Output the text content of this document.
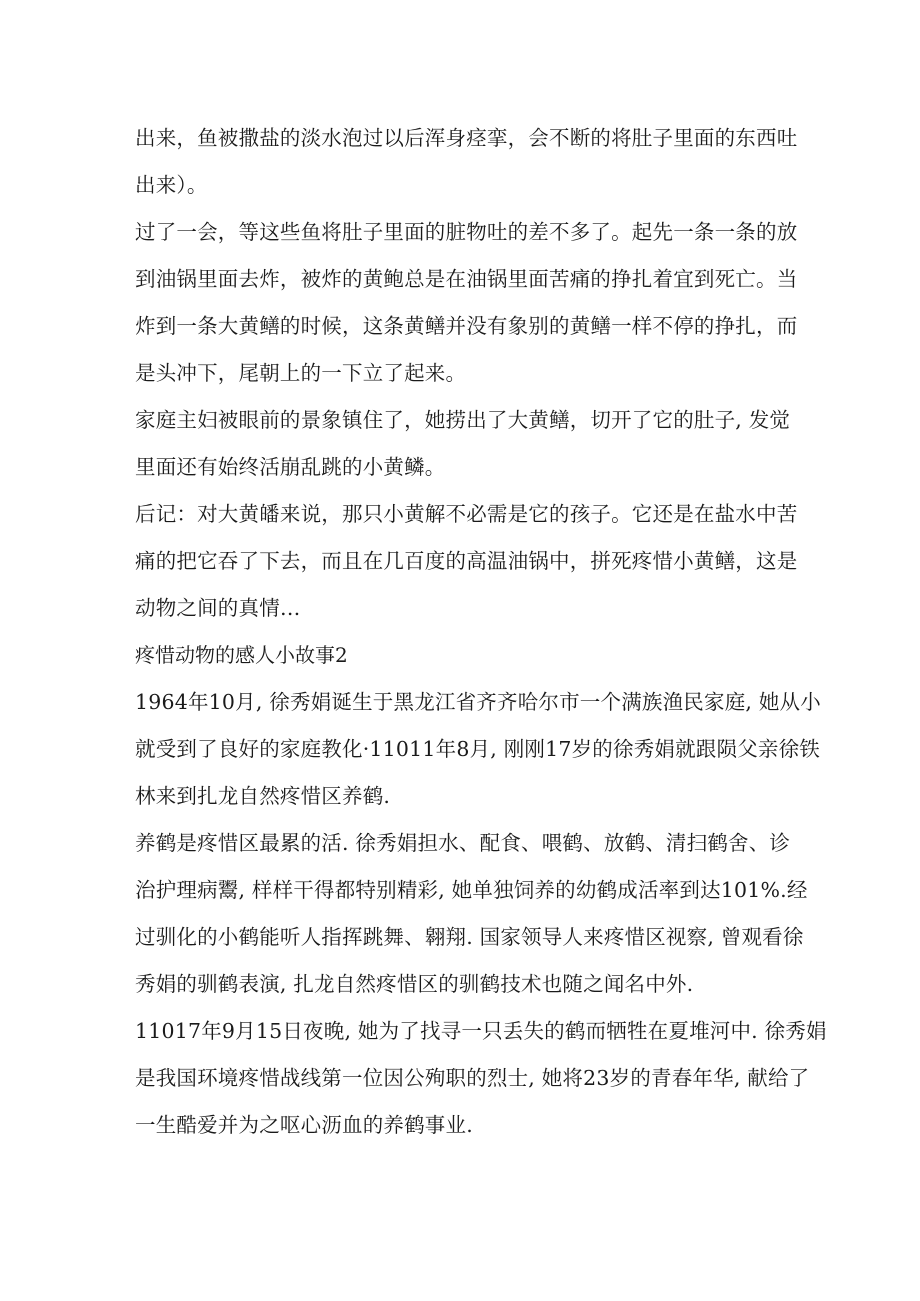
出来，鱼被撒盐的淡水泡过以后浑身痉挛，会不断的将肚子里面的东西吐
出来）。

过了一会，等这些鱼将肚子里面的脏物吐的差不多了。起先一条一条的放
到油锅里面去炸，被炸的黄鲍总是在油锅里面苦痛的挣扎着宜到死亡。当
炸到一条大黄鳝的时候，这条黄鳝并没有象别的黄鳝一样不停的挣扎，而
是头冲下，尾朝上的一下立了起来。

家庭主妇被眼前的景象镇住了，她捞出了大黄鳝，切开了它的肚子, 发觉
里面还有始终活崩乱跳的小黄鳞。

后记：对大黄皤来说，那只小黄解不必需是它的孩子。它还是在盐水中苦
痛的把它吞了下去，而且在几百度的高温油锅中，拼死疼惜小黄鳝，这是
动物之间的真情…

疼惜动物的感人小故事2

1964年10月, 徐秀娟诞生于黑龙江省齐齐哈尔市一个满族渔民家庭, 她从小
就受到了良好的家庭教化·11011年8月, 刚刚17岁的徐秀娟就跟陨父亲徐铁
林来到扎龙自然疼惜区养鹤.

养鹤是疼惜区最累的活. 徐秀娟担水、配食、喂鹤、放鹤、清扫鹤舍、诊
治护理病鬻, 样样干得都特别精彩, 她单独饲养的幼鹤成活率到达101%.经
过驯化的小鹤能听人指挥跳舞、翱翔. 国家领导人来疼惜区视察, 曾观看徐
秀娟的驯鹤表演, 扎龙自然疼惜区的驯鹤技术也随之闻名中外.

11017年9月15日夜晚, 她为了找寻一只丢失的鹤而牺牲在夏堆河中. 徐秀娟
是我国环境疼惜战线第一位因公殉职的烈士, 她将23岁的青春年华, 献给了
一生酷爱并为之呕心沥血的养鹤事业.
